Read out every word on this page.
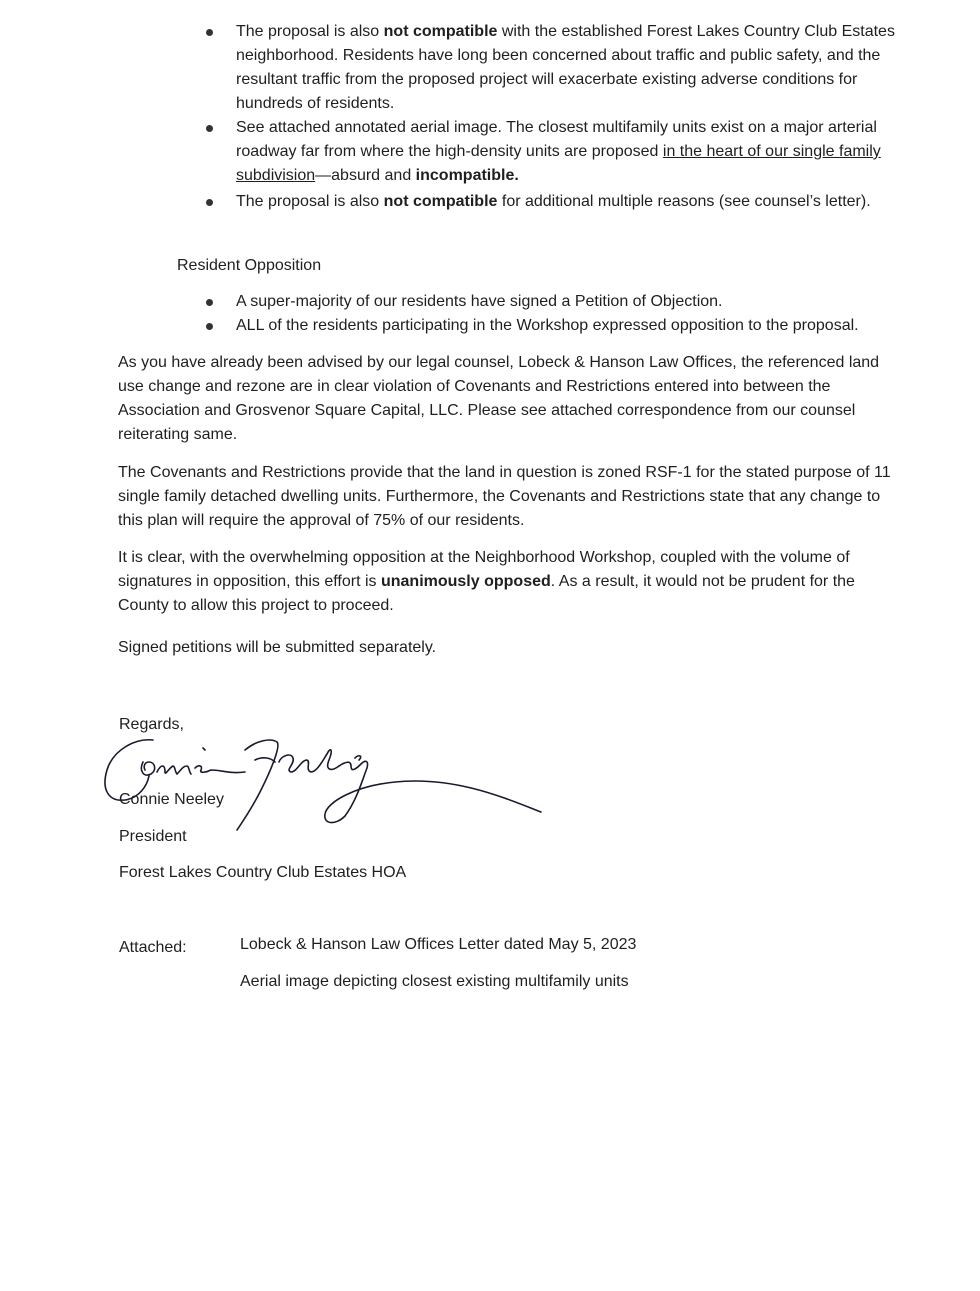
The proposal is also not compatible with the established Forest Lakes Country Club Estates neighborhood. Residents have long been concerned about traffic and public safety, and the resultant traffic from the proposed project will exacerbate existing adverse conditions for hundreds of residents.
See attached annotated aerial image. The closest multifamily units exist on a major arterial roadway far from where the high-density units are proposed in the heart of our single family subdivision—absurd and incompatible.
The proposal is also not compatible for additional multiple reasons (see counsel’s letter).
Resident Opposition
A super-majority of our residents have signed a Petition of Objection.
ALL of the residents participating in the Workshop expressed opposition to the proposal.

As you have already been advised by our legal counsel, Lobeck & Hanson Law Offices, the referenced land use change and rezone are in clear violation of Covenants and Restrictions entered into between the Association and Grosvenor Square Capital, LLC. Please see attached correspondence from our counsel reiterating same.

The Covenants and Restrictions provide that the land in question is zoned RSF-1 for the stated purpose of 11 single family detached dwelling units. Furthermore, the Covenants and Restrictions state that any change to this plan will require the approval of 75% of our residents.

It is clear, with the overwhelming opposition at the Neighborhood Workshop, coupled with the volume of signatures in opposition, this effort is unanimously opposed. As a result, it would not be prudent for the County to allow this project to proceed.

Signed petitions will be submitted separately.

Regards,
Connie Neeley
President
Forest Lakes Country Club Estates HOA
Attached:	Lobeck & Hanson Law Offices Letter dated May 5, 2023
Aerial image depicting closest existing multifamily units
